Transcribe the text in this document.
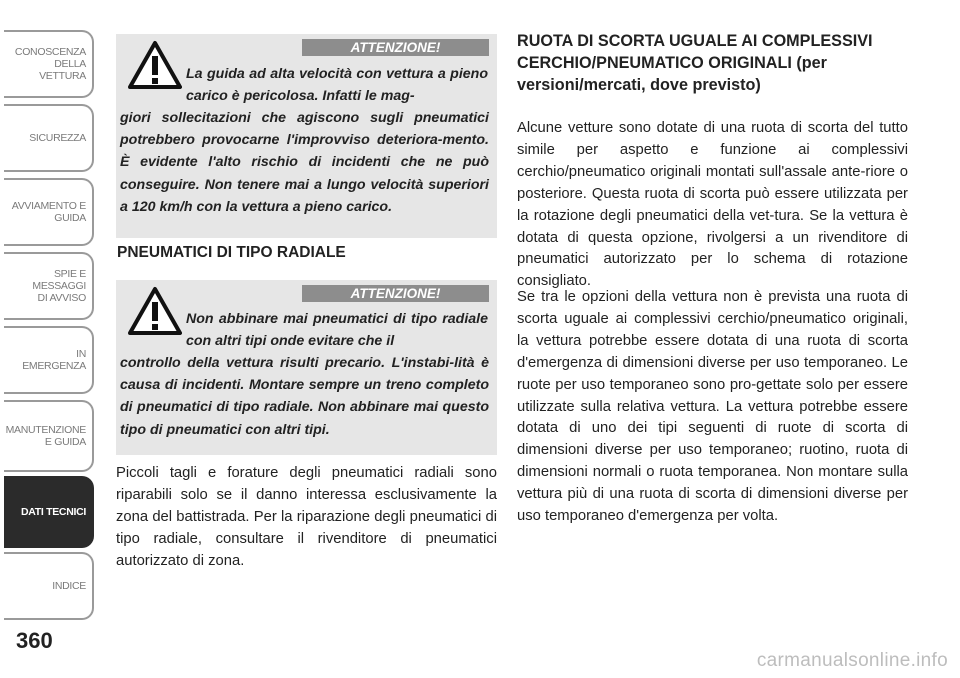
CONOSCENZA DELLA
VETTURA
SICUREZZA
AVVIAMENTO E
GUIDA
SPIE E
MESSAGGI
DI AVVISO
IN
EMERGENZA
MANUTENZIONE
E GUIDA
DATI TECNICI
INDICE
360
ATTENZIONE!
La guida ad alta velocità con vettura a pieno carico è pericolosa. Infatti le mag-
giori sollecitazioni che agiscono sugli pneumatici potrebbero provocarne l'improvviso deteriora-mento. È evidente l'alto rischio di incidenti che ne può conseguire. Non tenere mai a lungo velocità superiori a 120 km/h con la vettura a pieno carico.
PNEUMATICI DI TIPO RADIALE
ATTENZIONE!
Non abbinare mai pneumatici di tipo radiale con altri tipi onde evitare che il
controllo della vettura risulti precario. L'instabi-lità è causa di incidenti. Montare sempre un treno completo di pneumatici di tipo radiale. Non abbinare mai questo tipo di pneumatici con altri tipi.

Piccoli tagli e forature degli pneumatici radiali sono riparabili solo se il danno interessa esclusivamente la zona del battistrada. Per la riparazione degli pneumatici di tipo radiale, consultare il rivenditore di pneumatici autorizzato di zona.

RUOTA DI SCORTA UGUALE AI COMPLESSIVI CERCHIO/PNEUMATICO ORIGINALI (per versioni/mercati, dove previsto)

Alcune vetture sono dotate di una ruota di scorta del tutto simile per aspetto e funzione ai complessivi cerchio/pneumatico originali montati sull'assale ante-riore o posteriore. Questa ruota di scorta può essere utilizzata per la rotazione degli pneumatici della vet-tura. Se la vettura è dotata di questa opzione, rivolgersi a un rivenditore di pneumatici autorizzato per lo schema di rotazione consigliato.

Se tra le opzioni della vettura non è prevista una ruota di scorta uguale ai complessivi cerchio/pneumatico originali, la vettura potrebbe essere dotata di una ruota di scorta d'emergenza di dimensioni diverse per uso temporaneo. Le ruote per uso temporaneo sono pro-gettate solo per essere utilizzate sulla relativa vettura. La vettura potrebbe essere dotata di uno dei tipi seguenti di ruote di scorta di dimensioni diverse per uso temporaneo; ruotino, ruota di dimensioni normali o ruota temporanea. Non montare sulla vettura più di una ruota di scorta di dimensioni diverse per uso temporaneo d'emergenza per volta.

carmanualsonline.info
